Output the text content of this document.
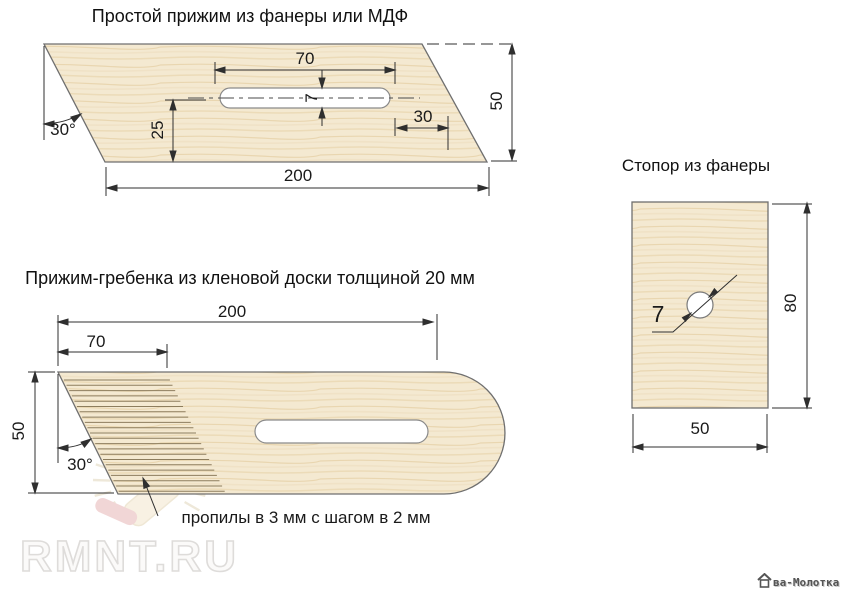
Простой прижим из фанеры или МДФ
70
7
25
30
50
200
30°
Прижим-гребенка из кленовой доски толщиной 20 мм
200
70
50
30°
пропилы в 3 мм с шагом в 2 мм
Стопор из фанеры
7	80
50
RMNT.RU
ва-Молотка
